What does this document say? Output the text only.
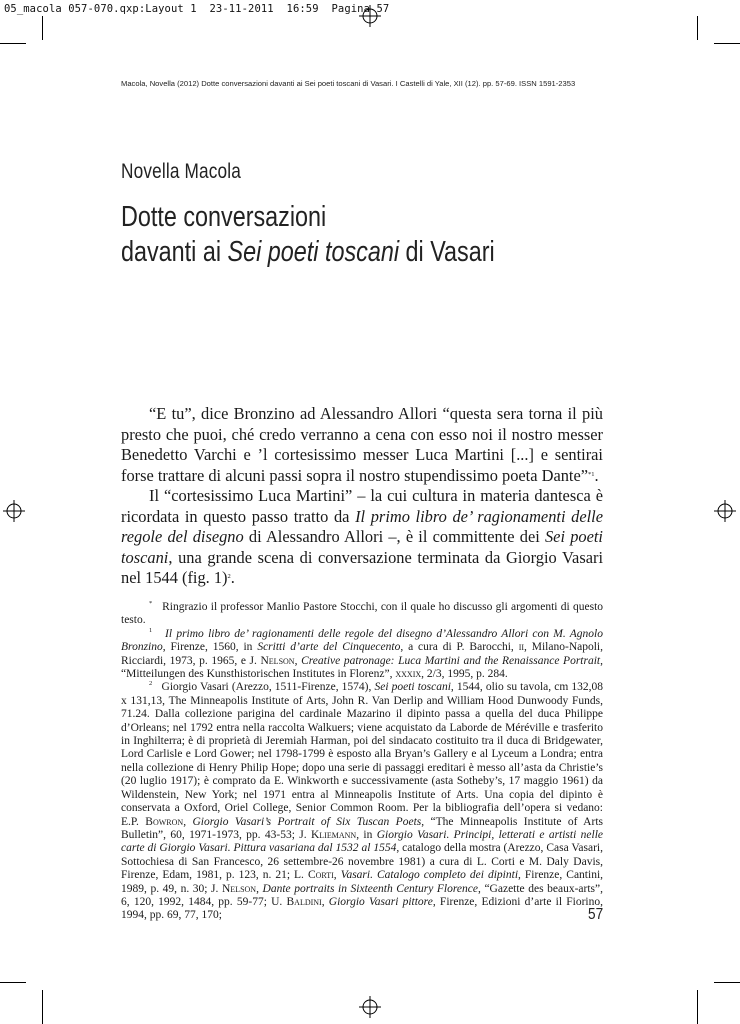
05_macola 057-070.qxp:Layout 1  23-11-2011  16:59  Pagina 57
Macola, Novella (2012) Dotte conversazioni davanti ai Sei poeti toscani di Vasari. I Castelli di Yale, XII (12). pp. 57-69. ISSN 1591-2353
Novella Macola
Dotte conversazioni
davanti ai Sei poeti toscani di Vasari

“E tu”, dice Bronzino ad Alessandro Allori “questa sera torna il più presto che puoi, ché credo verranno a cena con esso noi il nostro messer Benedetto Varchi e ’l cortesissimo messer Luca Martini [...] e sentirai forse trattare di alcuni passi sopra il nostro stupendissimo poeta Dante”$^{*1}$.

Il “cortesissimo Luca Martini” – la cui cultura in materia dantesca è ricordata in questo passo tratto da Il primo libro de’ ragionamenti delle regole del disegno di Alessandro Allori –, è il committente dei Sei poeti toscani, una grande scena di conversazione terminata da Giorgio Vasari nel 1544 (fig. 1)$^2$.

* Ringrazio il professor Manlio Pastore Stocchi, con il quale ho discusso gli argomenti di questo testo.

$^1$ Il primo libro de’ ragionamenti delle regole del disegno d’Alessandro Allori con M. Agnolo Bronzino, Firenze, 1560, in Scritti d’arte del Cinquecento, a cura di P. Barocchi, ii, Milano-Napoli, Ricciardi, 1973, p. 1965, e J. Nelson, Creative patronage: Luca Martini and the Renaissance Portrait, “Mitteilungen des Kunsthistorischen Institutes in Florenz”, xxxix, 2/3, 1995, p. 284.

$^2$ Giorgio Vasari (Arezzo, 1511-Firenze, 1574), Sei poeti toscani, 1544, olio su tavola, cm 132,08 x 131,13, The Minneapolis Institute of Arts, John R. Van Derlip and William Hood Dunwoody Funds, 71.24. Dalla collezione parigina del cardinale Mazarino il dipinto passa a quella del duca Philippe d’Orleans; nel 1792 entra nella raccolta Walkuers; viene acquistato da Laborde de Méréville e trasferito in Inghilterra; è di proprietà di Jeremiah Harman, poi del sindacato costituito tra il duca di Bridgewater, Lord Carlisle e Lord Gower; nel 1798-1799 è esposto alla Bryan’s Gallery e al Lyceum a Londra; entra nella collezione di Henry Philip Hope; dopo una serie di passaggi ereditari è messo all’asta da Christie’s (20 luglio 1917); è comprato da E. Winkworth e successivamente (asta Sotheby’s, 17 maggio 1961) da Wildenstein, New York; nel 1971 entra al Minneapolis Institute of Arts. Una copia del dipinto è conservata a Oxford, Oriel College, Senior Common Room. Per la bibliografia dell’opera si vedano: E.P. Bowron, Giorgio Vasari’s Portrait of Six Tuscan Poets, “The Minneapolis Institute of Arts Bulletin”, 60, 1971-1973, pp. 43-53; J. Kliemann, in Giorgio Vasari. Principi, letterati e artisti nelle carte di Giorgio Vasari. Pittura vasariana dal 1532 al 1554, catalogo della mostra (Arezzo, Casa Vasari, Sottochiesa di San Francesco, 26 settembre-26 novembre 1981) a cura di L. Corti e M. Daly Davis, Firenze, Edam, 1981, p. 123, n. 21; L. Corti, Vasari. Catalogo completo dei dipinti, Firenze, Cantini, 1989, p. 49, n. 30; J. Nelson, Dante portraits in Sixteenth Century Florence, “Gazette des beaux-arts”, 6, 120, 1992, 1484, pp. 59-77; U. Baldini, Giorgio Vasari pittore, Firenze, Edizioni d’arte il Fiorino, 1994, pp. 69, 77, 170;	57
